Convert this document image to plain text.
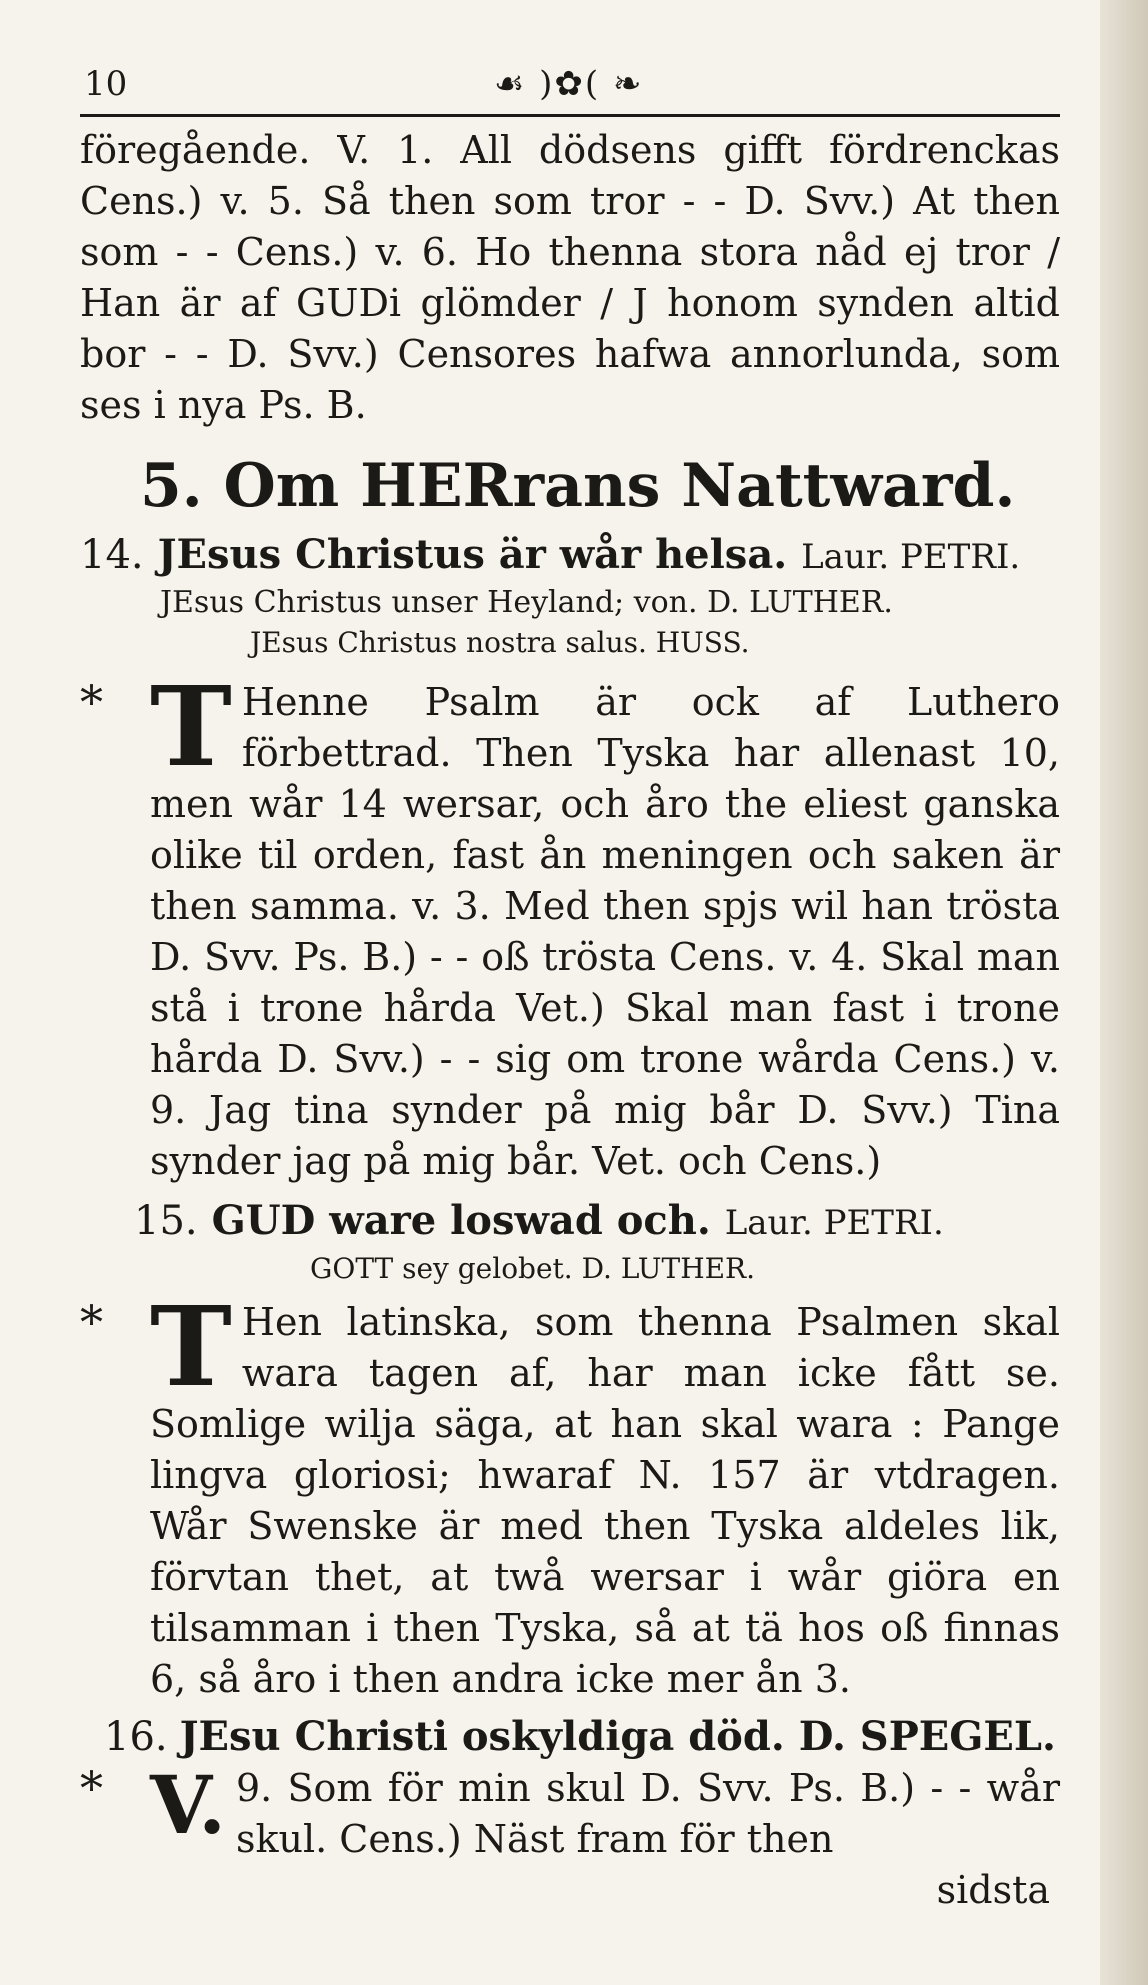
10	☙ )✿( ❧

föregående. V. 1. All dödsens gifft fördrenckas Cens.) v. 5. Så then som tror - - D. Svv.) At then som - - Cens.) v. 6. Ho thenna stora nåd ej tror / Han är af GUDi glömder / J honom synden altid bor - - D. Svv.) Censores hafwa annorlunda, som ses i nya Ps. B.

5. Om HERrans Nattward.
14. JEsus Christus är wår helsa. Laur. PETRI.
JEsus Christus unser Heyland; von. D. LUTHER.
JEsus Christus nostra salus. HUSS.
* T Henne Psalm är ock af Luthero förbettrad. Then Tyska har allenast 10, men wår 14 wersar, och åro the eliest ganska olike til orden, fast ån meningen och saken är then samma. v. 3. Med then spjs wil han trösta D. Svv. Ps. B.) - - oß trösta Cens. v. 4. Skal man stå i trone hårda Vet.) Skal man fast i trone hårda D. Svv.) - - sig om trone wårda Cens.) v. 9. Jag tina synder på mig bår D. Svv.) Tina synder jag på mig bår. Vet. och Cens.)

15. GUD ware loswad och. Laur. PETRI.
GOTT sey gelobet. D. LUTHER.
* T Hen latinska, som thenna Psalmen skal wara tagen af, har man icke fått se. Somlige wilja säga, at han skal wara : Pange lingva gloriosi; hwaraf N. 157 är vtdragen. Wår Swenske är med then Tyska aldeles lik, förvtan thet, at twå wersar i wår giöra en tilsamman i then Tyska, så at tä hos oß finnas 6, så åro i then andra icke mer ån 3.

16. JEsu Christi oskyldiga död. D. SPEGEL.
* V. 9. Som för min skul D. Svv. Ps. B.) - - wår skul. Cens.) Näst fram för then

sidsta
